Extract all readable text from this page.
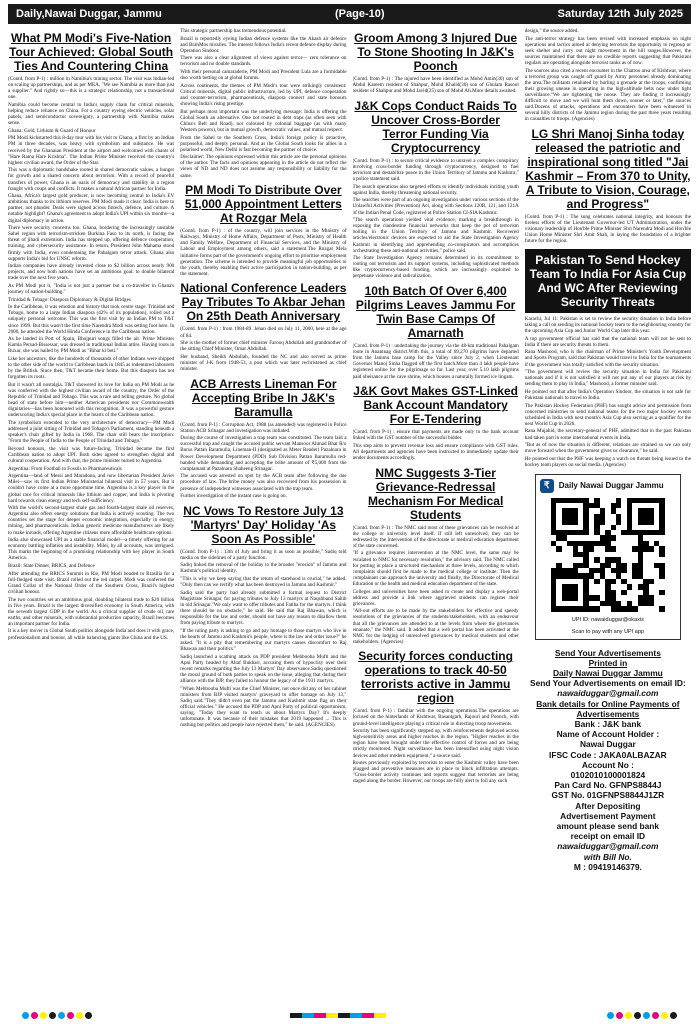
Daily,Nawai Duggar, Jammu	(Page-10)	Saturday 12th July 2025
What PM Modi's Five-Nation Tour Achieved: Global South Ties And Countering China

(Contd. from P-1) : million in Namibia's mining sector. The visit was Indian-led on scaling up partnerships, and as per MEA, "We see Namibia as more than just a supplier." And rightly so—this is a strategic relationship, not a transactional one.

Namibia could become central to India's supply chain for critical minerals, helping reduce reliance on China. For a country eyeing electric vehicles, solar panels, and semiconductor sovereignty, a partnership with Namibia makes sense.

Ghana: Gold, Lithium & Guard of Honour

PM Modi kickstarted this 8-day tour with his visit to Ghana, a first by an Indian PM in three decades, was heavy with symbolism and substance. He was received by the Ghanaian President at the airport and welcomed with chants of "Hare Rama Hare Krishna". The Indian Prime Minister received the country's highest civilian award, the Order of the Star.

This was a diplomatic handshake rooted in shared democratic values, a hunger for growth and a shared concern about terrorism. With a record of peaceful transfers of power, Ghana is an oasis of democracy and stability in a region fraught with coups and conflicts. It makes a natural African partner for India.

Ghana, Africa's largest gold producer, is now becoming central to India's EV ambitions thanks to its lithium reserves. PM Modi made it clear: India is here to partner, not plunder. Deals were signed across fintech, defence, and culture. A notable highlight? Ghana's agreement to adopt India's UPI within six months—a digital diplomacy in action.

There were security concerns too. Ghana, bordering the increasingly unstable Sahel region with terrorism-stricken Burkina Faso to its north, is facing the threat of jihadi extremism. India has stepped up, offering defence cooperation, training, and cybersecurity assistance. In return, President John Mahama stood firmly with India, even condemning the Pahalgam terror attack. Ghana also supports India's bid for UNSC reform.

Indian companies have already invested close to $2 billion across nearly 900 projects, and now both nations have set an ambitious goal: to double bilateral trade over the next five years.

As PM Modi put it, "India is not just a partner but a co-traveller in Ghana's journey of nation-building."

Trinidad & Tobago: Diaspora Diplomacy & Digital Bridges

In the Caribbean, it was emotion and history that took centre stage. Trinidad and Tobago, home to a large Indian diaspora (42% of its population), rolled out a uniquely personal welcome. This was the first visit by an Indian PM to T&T since 1999. But this wasn't the first time Narendra Modi was setting foot here. In 2000, he attended the World Hindu Conference in the Caribbean nation.

As he landed in Port of Spain, Bhojpuri songs filled the air. Prime Minister Kamla Persad-Bissessar, was dressed in traditional Indian attire. Having roots in Buxar, she was hailed by PM Modi as "Bihar ki beti."

Like her ancestors, like the hundreds of thousands of other Indians were shipped to the other side of the world to Caribbean lands in 1845 as indentured labourers by the British. Since then, T&T became their home. But this diaspora has not forgotten its roots.

But it wasn't all nostalgia. T&T showered its love for India on PM Modi as he was conferred with the highest civilian award of the country, the Order of the Republic of Trinidad and Tobago. This was a rare and telling gesture. No global head of state before him—neither American presidents nor Commonwealth dignitaries—has been honoured with this recognition. It was a powerful gesture underscoring India's special place in the hearts of the Caribbean nation.

The symbolism extended to the very architecture of democracy—PM Modi addressed a joint sitting of Trinidad and Tobago's Parliament, standing beneath a speaker's chair gifted by India in 1968. The chair still bears the inscription: "From the People of India to the People of Trinidad and Tobago."

Beyond honours, the visit was future-facing. Trinidad became the first Caribbean nation to adopt UPI. Both sides agreed to strengthen digital and cultural cooperation. And with that, the prime minister turned to Argentina.

Argentina: From Football to Fossils to Pharmaceuticals

Argentina—land of Messi and Maradona, and now libertarian President Javier Milei—saw its first Indian Prime Ministerial bilateral visit in 57 years. But it couldn't have come at a more opportune time. Argentina is a key player in the global race for critical minerals like lithium and copper, and India is pivoting hard towards clean energy and tech self-sufficiency.

With the world's second-largest shale gas and fourth-largest shale oil reserves, Argentina also offers energy solutions that India is actively scouting. The two countries set the stage for deeper economic integration, especially in energy, mining, and pharmaceuticals. Indian generic medicine manufacturers are likely to make inroads, offering Argentine citizens more affordable healthcare options.

India also showcased UPI as a stable financial model—a timely offering for an economy battling inflation and instability. Milei, by all accounts, was intrigued. This marks the beginning of a promising relationship with key player in South America.

Brazil: State Dinner, BRICS, and Defence

After attending the BRICS Summit in Rio, PM Modi headed to Brasilia for a full-fledged state visit. Brazil rolled out the red carpet. Modi was conferred the Grand Collar of the National Order of the Southern Cross, Brazil's highest civilian honour.

The two countries set an ambitious goal, doubling bilateral trade to $20 billion in five years. Brazil is the largest diversified economy in South America, with the seventh largest GDP in the world. As a critical supplier of crude oil, rare earths, and other minerals, with substantial production capacity, Brazil becomes an important partner for India.

It is a key mover in Global South politics alongside India and does it with grace, professionalism and honour, all while balancing giants like China and the US.

This strategic partnership has tremendous potential.

Brazil is reportedly eyeing Indian defence systems like the Akash air defence and BrahMos missiles. The interest follows India's recent defence display during Operation Sindoor.

There was also a clear alignment of views against terror— zero tolerance on terrorism and no double standards.

With their personal camaraderie, PM Modi and President Lula are a formidable duo worth betting on at global forums.

Across continents, the themes of PM Modi's tour were strikingly consistent: Critical minerals, digital public infrastructure, led by UPI, defence cooperation and counter-terrorism, pharmaceuticals, diaspora connect and state honours showing India's rising prestige.

But perhaps most important was the underlying message: India is offering the Global South an alternative. One not rooted in debt traps (as often seen with China's Belt and Road), nor coloured by colonial baggage (as with many Western powers), but in mutual growth, democratic values, and mutual respect.

From the Sahel to the Southern Cross, India's foreign policy is proactive, purposeful, and deeply personal. And as the Global South looks for allies in a polarised world, New Delhi is fast becoming the partner of choice.

Disclaimer: The opinions expressed within this article are the personal opinions of the author. The facts and opinions appearing in the article do not reflect the views of ND and ND does not assume any responsibility or liability for the same.

PM Modi To Distribute Over 51,000 Appointment Letters At Rozgar Mela

(Contd. from P-1) : of the country, will join services in the Ministry of Railways, Ministry of Home Affairs, Department of Posts, Ministry of Health and Family Welfare, Department of Financial Services, and the Ministry of Labour and Employment among others, said a statement.The Rozgar Mela initiative forms part of the government's ongoing effort to prioritise employment generation. The scheme is intended to provide meaningful job opportunities to the youth, thereby enabling their active participation in nation-building, as per the statement.

National Conference Leaders Pay Tributes To Akbar Jehan On 25th Death Anniversary

(Contd. from P-1) : from 1984-89. Jehan died on July 11, 2000, here at the age of 84.

She is the mother of former chief minister Farooq Abdullah and grandmother of the sitting Chief Minister, Omar Abdullah.

Her husband, Sheikh Abdullah, founded the NC and also served as prime minister of J-K from 1948-53, a post which was later rechristened as chief minister.

ACB Arrests Lineman For Accepting Bribe In J&K's Baramulla

(Contd. from P-1) : Corruption Act, 1988 (as amended) was registered in Police Station ACB Srinagar and investigation was initiated.

During the course of investigation a trap team was constituted. The team laid a successful trap and caught the accused public servant Mansoor Ahmad Bhat R/o Burus Pattan Baramulla, Lineman-II (designated as Meter Reader) Pazalnara in Power Development Department (PDD) Sub Division Pattan Baramulla red-handed while demanding and accepting the bribe amount of ₹5,000 from the complainant at Pazalnara Shaheeng Srinagar.

The accused was arrested on spot by the ACB team after following the due procedure of law. The bribe money was also recovered from his possession in presence of independent witnesses associated with the trap team.

Further investigation of the instant case is going on.

NC Vows To Restore July 13 'Martyrs' Day' Holiday 'As Soon As Possible'

(Contd. from P-1) : 13th of July and bring it as soon as possible," Sadiq told media on the sidelines of a party function.

Sadiq linked the removal of the holiday to the broader "erosion" of Jammu and Kashmir's political identity.

"This is why we keep saying that the return of statehood is crucial," he added. "Only then can we rectify what has been destroyed in Jammu and Kashmir."

Sadiq said the party had already submitted a formal request to District Magistrate Srinagar, for paying tributes to July 13 martyrs at Naqshband Sahib in old Srinagar."We only want to offer tributes and Fatiha for the martyrs. I think there should be no obstacle," he said. He said that Raj Bhawan, which is responsible for the law and order, should not have any reason to disallow them from paying tribute to martyrs.

"If the ruling party is asking to go and pay homage to those martyrs who live in the hearts of Jammu and Kashmir's people, where is the law and order issue?" he asked. "It is a pity that remembering our martyrs causes discomfort to Raj Bhawan and their politics."

Sadiq launched a scathing attack on PDP president Mehbooba Mufti and the Apni Party headed by Altaf Bukhari, accusing them of hypocrisy over their recent remarks regarding the July 13 Martyrs' Day observance.Sadiq questioned the moral ground of both parties to speak on the issue, alleging that during their alliance with the BJP, they failed to honour the legacy of the 1931 martyrs.

"When Mehbooba Mufti was the Chief Minister, not once did any of her cabinet ministers from BJP visited martyrs' graveyard to offer homage on July 13," Sadiq said."They didn't even put the Jammu and Kashmir state flag on their official vehicles." He accused the PDP and Apni Party of political opportunism, saying, "Today they want to teach us about Martyrs Day? It's deeply unfortunate. It was because of their mistakes that 2019 happened ... This is nothing but politics and people have rejected them," he said. (AGENCIES)

Groom Among 3 Injured Due To Stone Shooting In J&K's Poonch

(Contd. from P-1) : The injured have been identified as Mohd Amin(30) son of Abdul Kareem resident of Shahpur, Mohd Khalid(30) son of Ghulam Rasool resident of Shahpur and Mohd Javid(25) son of Mohd Ali.More details awaited.

J&K Cops Conduct Raids To Uncover Cross-Border Terror Funding Via Cryptocurrency

(Contd. from P-1) : to secure critical evidence to unravel a complex conspiracy involving cross-border funding through cryptocurrency, designed to fuel terrorism and destabilize peace in the Union Territory of Jammu and Kashmir," a police statement said.

The search operations also targeted efforts to identify individuals inciting youth against India, thereby threatening national security.

The searches were part of an ongoing investigation under various sections of the Unlawful Activities (Prevention) Act, along with Sections 120B, 121, and 121A of the Indian Penal Code, registered at Police Station CI-SIA Kashmir.

"The search operations yielded vital evidence, marking a breakthrough in exposing the clandestine financial networks that keep the pot of terrorism boiling in the Union Territory of Jammu and Kashmir. Recovered articles/electronic devices are expected to aid the State Investigation Agency Kashmir in identifying and apprehending co-conspirators and accomplices orchestrating these anti-national activities," police said.

The State Investigation Agency remains determined in its commitment to rooting out terrorism and its support systems, including sophisticated methods like cryptocurrency-based funding, which are increasingly exploited to perpetuate violence and radicalization.

10th Batch Of Over 6,400 Pilgrims Leaves Jammu For Twin Base Camps Of Amarnath

(Contd. from P-1) : undertaking the journey via the 48-km traditional Pahalgam route in Anantnag district.With this, a total of 69,270 pilgrims have departed from the Jammu base camp for the Valley since July 2, when Lieutenant Governor Manoj Sinha flagged off the first batch.More than 4 lakh people have registered online for the pilgrimage so far. Last year, over 5.10 lakh pilgrims paid obeisance at the cave shrine, which houses a naturally formed ice lingam.

J&K Govt Makes GST-Linked Bank Account Mandatory For E-Tendering

(Contd. from P-1) : ensure that payments are made only to the bank account linked with the GST number of the successful bidder.

This step aims to prevent revenue loss and ensure compliance with GST rules. All departments and agencies have been instructed to immediately update their tender documents accordingly.

NMC Suggests 3-Tier Grievance-Redressal Mechanism For Medical Students

(Contd. from P-1) : The NMC said most of these grievances can be resolved at the college or university level itself. If still left unresolved, they can be redressed by the intervention of the directorate or medical education department of the state concerned.

"If a grievance requires intervention at the NMC level, the same may be escalated to NMC for necessary resolution," the advisory said. The NMC called for putting in place a structured mechanism at three levels, according to which complaints should first be made to the medical college or institute. Then the complainant can approach the university and finally, the Directorate of Medical Education or the health and medical education department of the state.

Colleges and universities have been asked to create and display a web-portal address and provide a link where aggrieved students can register their grievances.

"All-out efforts are to be made by the stakeholders for effective and speedy resolutions of the grievances of the students/stakeholders, with an endeavour that all the grievances are attended to at the levels from where the grievances emanate," the NMC said. It added that a web portal has been activated at the NMC for the lodging of unresolved grievances by medical students and other stakeholders. (Agencies)

Security forces conducting operations to track 40-50 terrorists active in Jammu region

(Contd. from P-1) : familiar with the ongoing operations.The operations are focused on the hinterlands of Kishtwar, Basantgarh, Rajouri and Poonch, with ground-level intelligence playing a critical role in directing troop movements.

Security has been significantly stepped up, with reinforcements deployed across high-sensitivity areas and higher reaches in the region. "Higher reaches in the region have been brought under the effective control of forces and are being strictly monitored. Night surveillance has been intensified using night vision devices and other modern equipment," a source said.

Routes previously exploited by terrorists to enter the Kashmir valley have been plugged and preventive measures are in place to block infiltration attempts. "Cross-border activity continues and reports suggest that terrorists are being staged along the border. However, our troops are fully alert to foil any such

design," the source added.

The anti-terror strategy has been revised with increased emphasis on night operations and tactics aimed at denying terrorists the opportunity to regroup or seek shelter and carry out night movement in the hill ranges.However, the sources maintained that there are no credible reports suggesting that Pakistani regulars are operating alongside terrorist ranks as of now.

The sources also cited a recent encounter in the Chatroo area of Kishtwar, where a terrorist group was caught off guard by Army personnel already dominating the area.The militants retaliated by hurling a grenade at the troops, confirming their growing unease in operating in the high-altitude belts now under tight surveillance."We are tightening the noose. They are finding it increasingly difficult to move and we will hunt them down, sooner or later," the sources said.Dozens of attacks, operations and encounters have been witnessed in several hilly districts of the Jammu region during the past three years resulting in casualties to troops. (Agencies)

LG Shri Manoj Sinha today released the patriotic and inspirational song titled "Jai Kashmir – From 370 to Unity, A Tribute to Vision, Courage, and Progress"

(Contd. from P-1) : The song celebrates national integrity, and honours the tireless efforts of the Lieutenant Governor-led UT Administration, under the visionary leadership of Hon'ble Prime Minister Shri Narendra Modi and Hon'ble Union Home Minister Shri Amit Shah, in laying the foundation of a brighter future for the region.

Pakistan To Send Hockey Team To India For Asia Cup And WC After Reviewing Security Threats

Karachi, Jul 11: Pakistan is set to review the security situation in India before taking a call on sending its national hockey team to the neighbouring country for the upcoming Asia Cup and Junior World Cup later this year.

A top government official has said that the national team will not be sent to India if there are security threats to them.

Rana Mashood, who is the chairman of Prime Minister's Youth Development and Sports Program, said that Pakistan would travel to India for the tournaments if the government was totally satisfied with the security situation.

"The government will review the security situation in India for Pakistani nationals and if it is not satisfied it will not put any of our players at risk by sending them to play in India," Mashood, a former minister said.

He pointed out that after India's Operation Sindoor, the situation is not safe for Pakistani nationals to travel to India.

The Pakistan Hockey Federation (PHF) has sought advice and permission from concerned ministries to send national teams for the two major hockey events scheduled in India with next month's Asia Cup also serving as a qualifier for the next World Cup in 2026.

Rana Mujahid, the secretary-general of PHF, admitted that in the past Pakistan had taken part in some international events in India.

"But as of now the situation is different, relations are strained so we can only move forward when the government gives us clearance," he said.

He pointed out that the PHF was keeping a watch on threats being issued to the hockey team players on social media. (Agencies)

₹	Daily Nawai Duggar Jammu
UPI ID: nawaiduggar@okaxis
Scan to pay with any UPI app
Send Your Advertisements
Printed in
Daily Nawai Duggar Jammu
Send Your Advertisements on email ID:
nawaiduggar@gmail.com
Bank details for Online Payments of Advertisements
Bank : J&K bank
Name of Account Holder :
Nawai Duggar
IFSC Code : JAKA0ALBAZAR
Account No :
0102010100001824
Pan Card No. GFNPS8844J
GST No. 01GFNPS8844J1ZR
After Depositing
Advertisement Payment
amount please send bank
receipt on email ID
nawaiduggar@gmail.com
with Bill No.
M : 09419146379.
